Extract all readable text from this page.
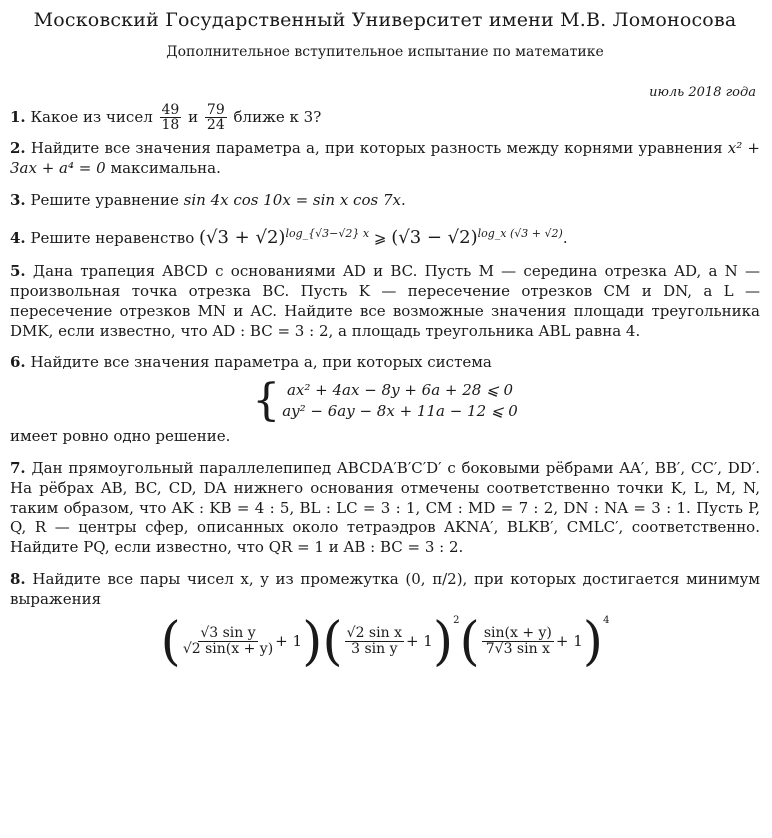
Московский Государственный Университет имени М.В. Ломоносова
Дополнительное вступительное испытание по математике
июль 2018 года
1. Какое из чисел $\frac{49}{18}$ и $\frac{79}{24}$ ближе к 3?
2. Найдите все значения параметра a, при которых разность между корнями уравнения x² + 3ax + a⁴ = 0 максимальна.
3. Решите уравнение sin 4x cos 10x = sin x cos 7x.
4. Решите неравенство $(√3 + √2)^{log\_\{√3-√2\} x}$ ⩾ $(√3 - √2)^{log\_x (√3 + √2)}$.
5. Дана трапеция ABCD с основаниями AD и BC. Пусть M — середина отрезка AD, а N — произвольная точка отрезка BC. Пусть K — пересечение отрезков CM и DN, а L — пересечение отрезков MN и AC. Найдите все возможные значения площади треугольника DMK, если известно, что AD : BC = 3 : 2, а площадь треугольника ABL равна 4.
6. Найдите все значения параметра a, при которых система
{ ax² + 4ax − 8y + 6a + 28 ⩽ 0
ay² − 6ay − 8x + 11a − 12 ⩽ 0
имеет ровно одно решение.
7. Дан прямоугольный параллелепипед ABCDA′B′C′D′ с боковыми рёбрами AA′, BB′, CC′, DD′. На рёбрах AB, BC, CD, DA нижнего основания отмечены соответственно точки K, L, M, N, таким образом, что AK : KB = 4 : 5, BL : LC = 3 : 1, CM : MD = 7 : 2, DN : NA = 3 : 1. Пусть P, Q, R — центры сфер, описанных около тетраэдров AKNA′, BLKB′, CMLC′, соответственно. Найдите PQ, если известно, что QR = 1 и AB : BC = 3 : 2.
8. Найдите все пары чисел x, y из промежутка (0, π/2), при которых достигается минимум выражения
( $\frac{\text{√3 sin y}}{√2 \sin(x + y)} + 1$ ) ( $\frac{\text{√2 sin x}}{\text{3 sin y}} + 1$ )$^2$ ( $\frac{\sin(x + y)}{\text{7√3 sin x}} + 1$ )$^4$
